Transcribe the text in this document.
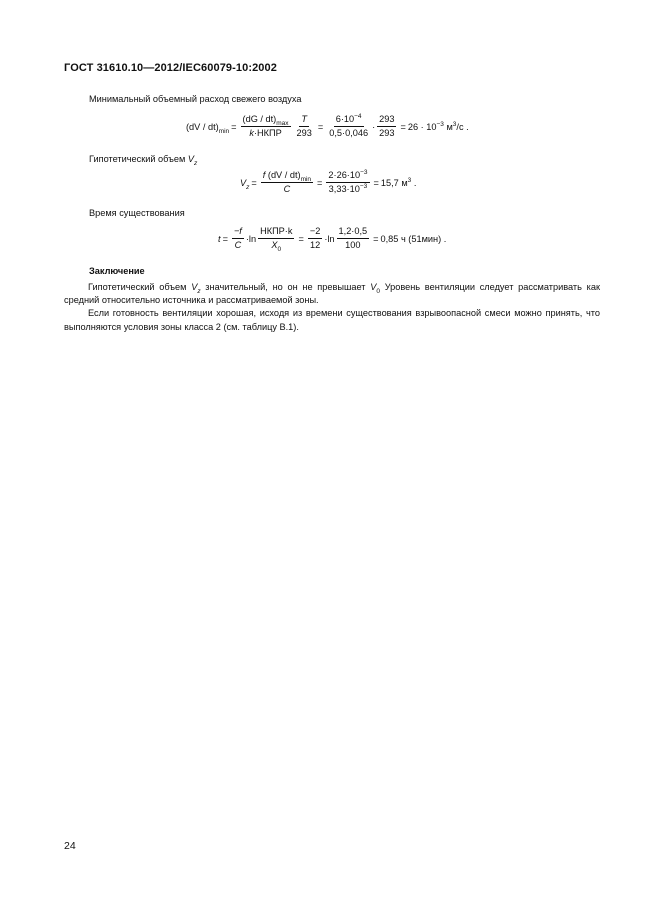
ГОСТ 31610.10—2012/IEC60079-10:2002
Минимальный объемный расход свежего воздуха
$(dV / dt)_{min} = \frac{(dG / dt)_{max}}{\text{k·НКПР}} \frac{T}{293} = \frac{6\cdot 10^{-4}}{0,5\cdot 0,046} \cdot \frac{293}{293} = 26 \cdot 10^{-3}$ $м^3/с$ .
Гипотетический объем $V_z$
$V_z = \frac{f (dV / dt)_{min}}{C} = \frac{2\cdot 26\cdot 10^{-3}}{3,33\cdot 10^{-3}} = 15,7$ $м^3$ .
Время существования
$t = \frac{-f}{C} \cdot\ln \frac{\text{НКПР·k}}{X_0} = \frac{-2}{12} \cdot\ln \frac{1,2\cdot 0,5}{100} = 0,85$ ч (51мин) .
Заключение

Гипотетический объем $V_z$ значительный, но он не превышает $V_0$ Уровень вентиляции следует рассматривать как средний относительно источника и рассматриваемой зоны.

Если готовность вентиляции хорошая, исходя из времени существования взрывоопасной смеси можно принять, что выполняются условия зоны класса 2 (см. таблицу В.1).

24
